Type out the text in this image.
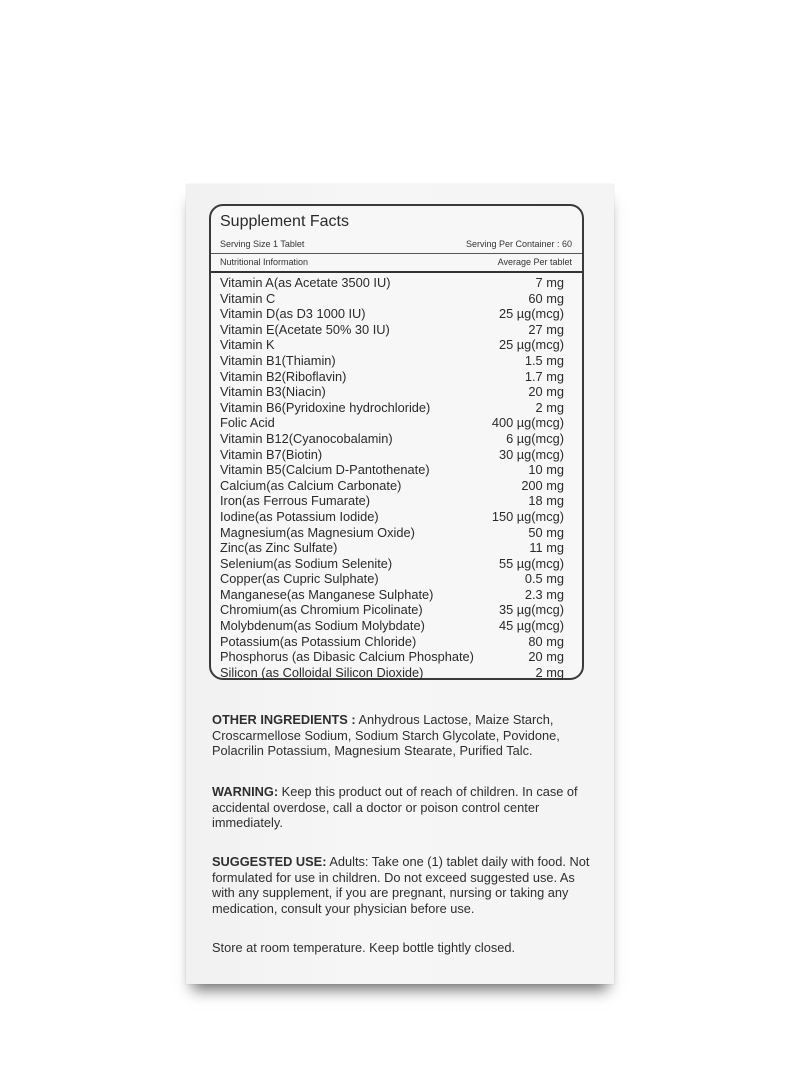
Supplement Facts
Serving Size 1 Tablet	Serving Per Container : 60
Nutritional Information	Average Per tablet
Vitamin A(as Acetate 3500 IU)	7 mg
Vitamin C	60 mg
Vitamin D(as D3 1000 IU)	25 µg(mcg)
Vitamin E(Acetate 50% 30 IU)	27 mg
Vitamin K	25 µg(mcg)
Vitamin B1(Thiamin)	1.5 mg
Vitamin B2(Riboflavin)	1.7 mg
Vitamin B3(Niacin)	20 mg
Vitamin B6(Pyridoxine hydrochloride)	2 mg
Folic Acid	400 µg(mcg)
Vitamin B12(Cyanocobalamin)	6 µg(mcg)
Vitamin B7(Biotin)	30 µg(mcg)
Vitamin B5(Calcium D-Pantothenate)	10 mg
Calcium(as Calcium Carbonate)	200 mg
Iron(as Ferrous Fumarate)	18 mg
Iodine(as Potassium Iodide)	150 µg(mcg)
Magnesium(as Magnesium Oxide)	50 mg
Zinc(as Zinc Sulfate)	11 mg
Selenium(as Sodium Selenite)	55 µg(mcg)
Copper(as Cupric Sulphate)	0.5 mg
Manganese(as Manganese Sulphate)	2.3 mg
Chromium(as Chromium Picolinate)	35 µg(mcg)
Molybdenum(as Sodium Molybdate)	45 µg(mcg)
Potassium(as Potassium Chloride)	80 mg
Phosphorus (as Dibasic Calcium Phosphate)	20 mg
Silicon (as Colloidal Silicon Dioxide)	2 mg

OTHER INGREDIENTS : Anhydrous Lactose, Maize Starch, Croscarmellose Sodium, Sodium Starch Glycolate, Povidone, Polacrilin Potassium, Magnesium Stearate, Purified Talc.

WARNING: Keep this product out of reach of children. In case of accidental overdose, call a doctor or poison control center immediately.

SUGGESTED USE: Adults: Take one (1) tablet daily with food. Not formulated for use in children. Do not exceed suggested use. As with any supplement, if you are pregnant, nursing or taking any medication, consult your physician before use.

Store at room temperature. Keep bottle tightly closed.
